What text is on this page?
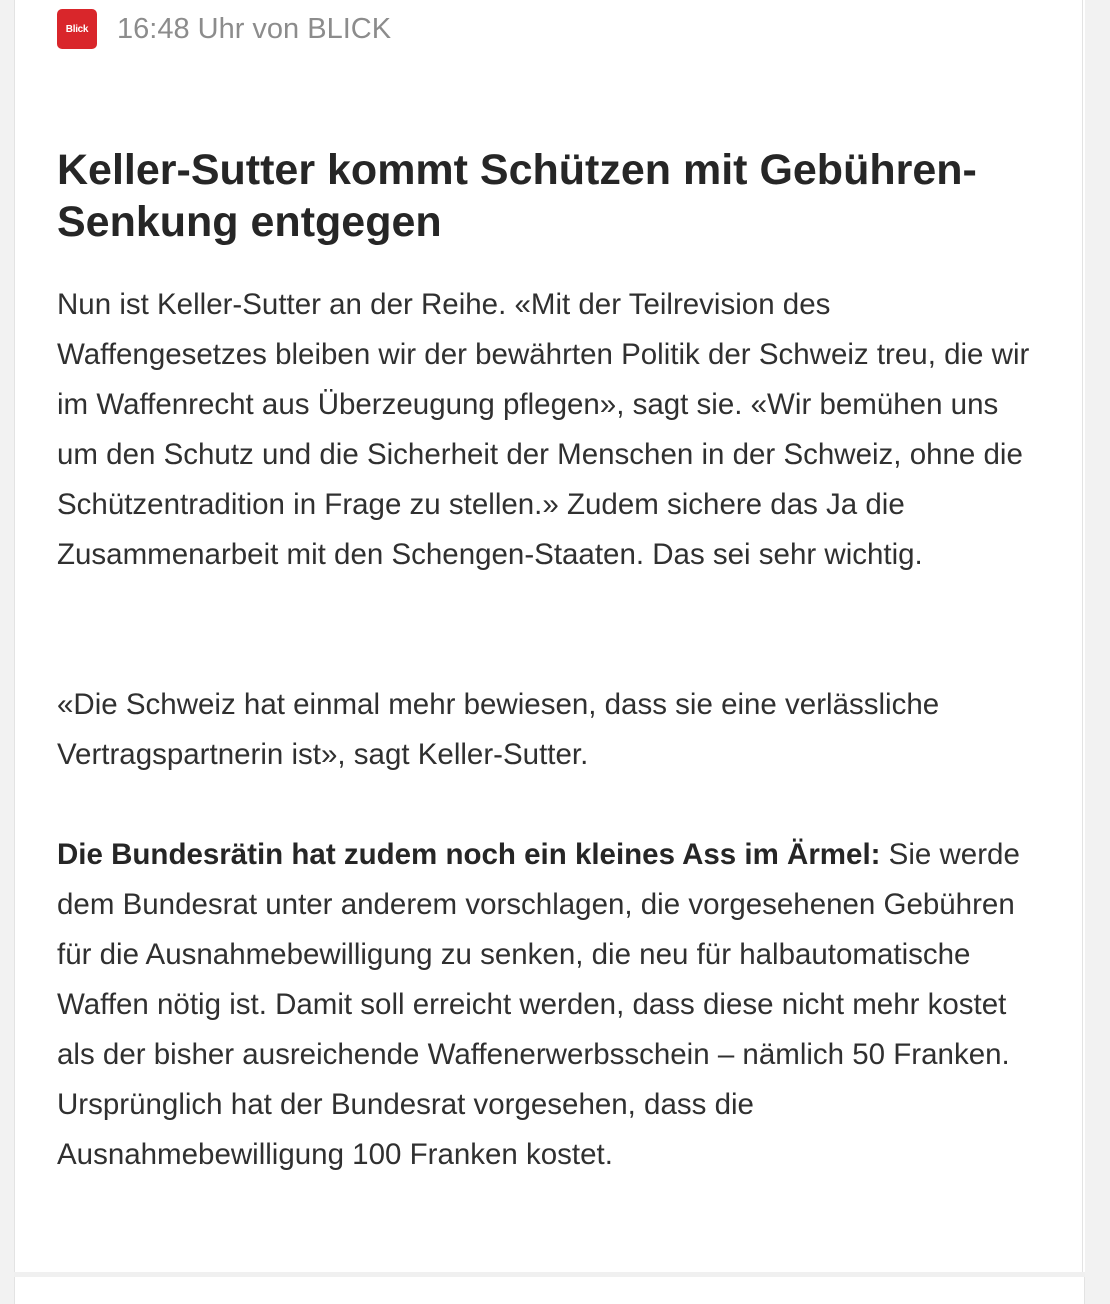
Blick 16:48 Uhr von BLICK
Keller-Sutter kommt Schützen mit Gebühren-Senkung entgegen

Nun ist Keller-Sutter an der Reihe. «Mit der Teilrevision des Waffengesetzes bleiben wir der bewährten Politik der Schweiz treu, die wir im Waffenrecht aus Überzeugung pflegen», sagt sie. «Wir bemühen uns um den Schutz und die Sicherheit der Menschen in der Schweiz, ohne die Schützentradition in Frage zu stellen.» Zudem sichere das Ja die Zusammenarbeit mit den Schengen-Staaten. Das sei sehr wichtig.

«Die Schweiz hat einmal mehr bewiesen, dass sie eine verlässliche Vertragspartnerin ist», sagt Keller-Sutter.

Die Bundesrätin hat zudem noch ein kleines Ass im Ärmel: Sie werde dem Bundesrat unter anderem vorschlagen, die vorgesehenen Gebühren für die Ausnahmebewilligung zu senken, die neu für halbautomatische Waffen nötig ist. Damit soll erreicht werden, dass diese nicht mehr kostet als der bisher ausreichende Waffenerwerbsschein – nämlich 50 Franken. Ursprünglich hat der Bundesrat vorgesehen, dass die Ausnahmebewilligung 100 Franken kostet.
